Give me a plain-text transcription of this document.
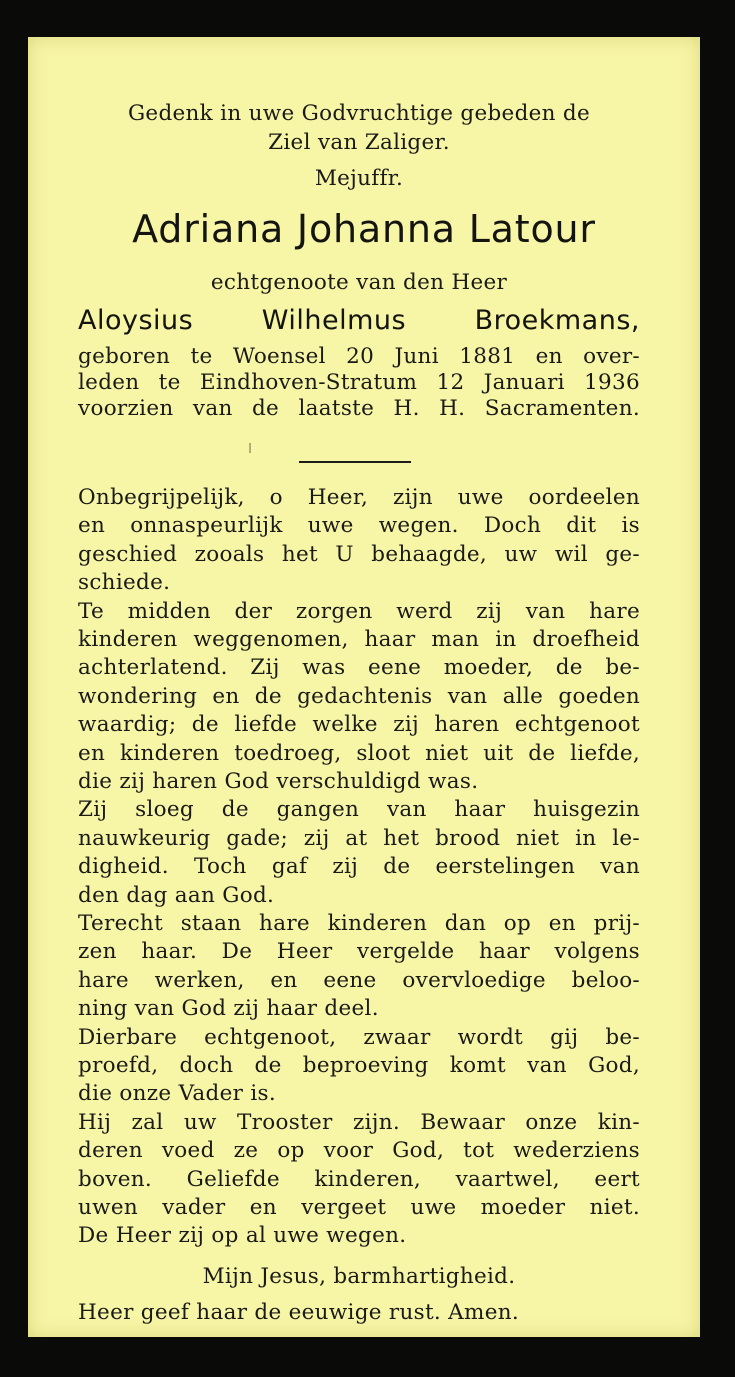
Gedenk in uwe Godvruchtige gebeden de
Ziel van Zaliger.
Mejuffr.
Adriana Johanna Latour
echtgenoote van den Heer
Aloysius Wilhelmus Broekmans,
geboren te Woensel 20 Juni 1881 en over-
leden te Eindhoven-Stratum 12 Januari 1936
voorzien van de laatste H. H. Sacramenten.
Onbegrijpelijk, o Heer, zijn uwe oordeelen
en onnaspeurlijk uwe wegen. Doch dit is
geschied zooals het U behaagde, uw wil ge-
schiede.
Te midden der zorgen werd zij van hare
kinderen weggenomen, haar man in droefheid
achterlatend. Zij was eene moeder, de be-
wondering en de gedachtenis van alle goeden
waardig; de liefde welke zij haren echtgenoot
en kinderen toedroeg, sloot niet uit de liefde,
die zij haren God verschuldigd was.
Zij sloeg de gangen van haar huisgezin
nauwkeurig gade; zij at het brood niet in le-
digheid. Toch gaf zij de eerstelingen van
den dag aan God.
Terecht staan hare kinderen dan op en prij-
zen haar. De Heer vergelde haar volgens
hare werken, en eene overvloedige beloo-
ning van God zij haar deel.
Dierbare echtgenoot, zwaar wordt gij be-
proefd, doch de beproeving komt van God,
die onze Vader is.
Hij zal uw Trooster zijn. Bewaar onze kin-
deren voed ze op voor God, tot wederziens
boven. Geliefde kinderen, vaartwel, eert
uwen vader en vergeet uwe moeder niet.
De Heer zij op al uwe wegen.
Mijn Jesus, barmhartigheid.
Heer geef haar de eeuwige rust. Amen.
